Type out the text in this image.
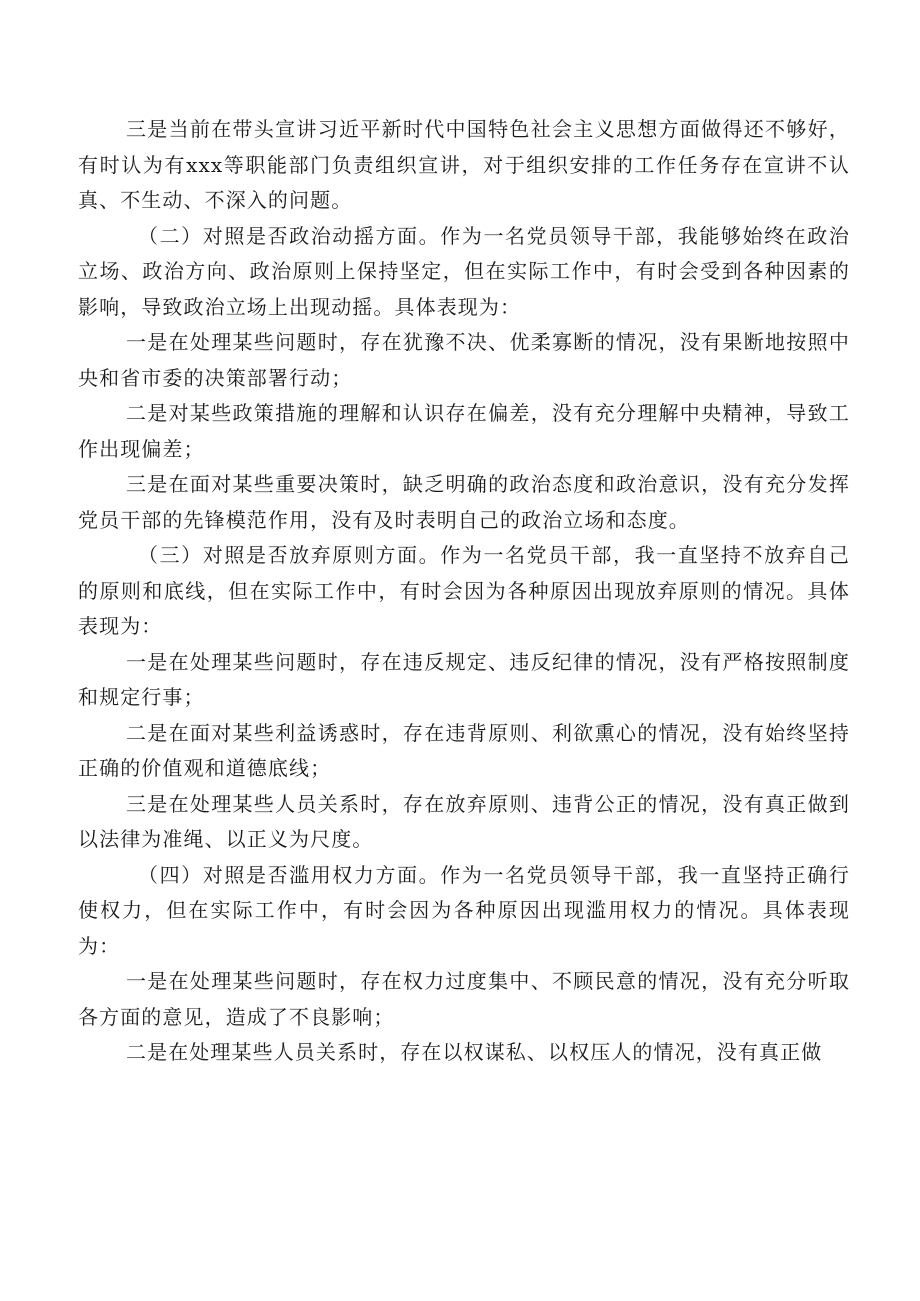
三是当前在带头宣讲习近平新时代中国特色社会主义思想方面做得还不够好，有时认为有xxx等职能部门负责组织宣讲，对于组织安排的工作任务存在宣讲不认真、不生动、不深入的问题。

（二）对照是否政治动摇方面。作为一名党员领导干部，我能够始终在政治立场、政治方向、政治原则上保持坚定，但在实际工作中，有时会受到各种因素的影响，导致政治立场上出现动摇。具体表现为：

一是在处理某些问题时，存在犹豫不决、优柔寡断的情况，没有果断地按照中央和省市委的决策部署行动；

二是对某些政策措施的理解和认识存在偏差，没有充分理解中央精神，导致工作出现偏差；

三是在面对某些重要决策时，缺乏明确的政治态度和政治意识，没有充分发挥党员干部的先锋模范作用，没有及时表明自己的政治立场和态度。

（三）对照是否放弃原则方面。作为一名党员干部，我一直坚持不放弃自己的原则和底线，但在实际工作中，有时会因为各种原因出现放弃原则的情况。具体表现为：

一是在处理某些问题时，存在违反规定、违反纪律的情况，没有严格按照制度和规定行事；

二是在面对某些利益诱惑时，存在违背原则、利欲熏心的情况，没有始终坚持正确的价值观和道德底线；

三是在处理某些人员关系时，存在放弃原则、违背公正的情况，没有真正做到以法律为准绳、以正义为尺度。

（四）对照是否滥用权力方面。作为一名党员领导干部，我一直坚持正确行使权力，但在实际工作中，有时会因为各种原因出现滥用权力的情况。具体表现为：

一是在处理某些问题时，存在权力过度集中、不顾民意的情况，没有充分听取各方面的意见，造成了不良影响；

二是在处理某些人员关系时，存在以权谋私、以权压人的情况，没有真正做
